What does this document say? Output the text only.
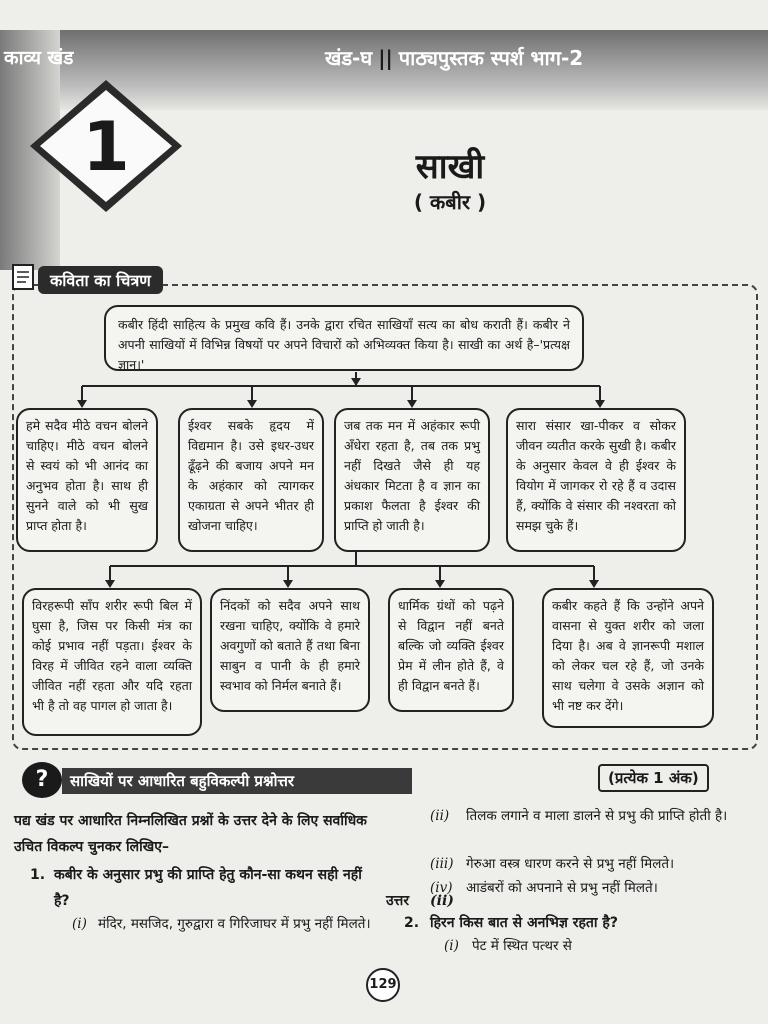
काव्य खंड	खंड-घ || पाठ्यपुस्तक स्पर्श भाग-2
1	साखी
( कबीर )
कविता का चित्रण
कबीर हिंदी साहित्य के प्रमुख कवि हैं। उनके द्वारा रचित साखियाँ सत्य का बोध कराती हैं। कबीर ने अपनी साखियों में विभिन्न विषयों पर अपने विचारों को अभिव्यक्त किया है। साखी का अर्थ है–'प्रत्यक्ष ज्ञान।'
हमे सदैव मीठे वचन बोलने चाहिए। मीठे वचन बोलने से स्वयं को भी आनंद का अनुभव होता है। साथ ही सुनने वाले को भी सुख प्राप्त होता है।
ईश्वर सबके हृदय में विद्यमान है। उसे इधर-उधर ढूँढ़ने की बजाय अपने मन के अहंकार को त्यागकर एकाग्रता से अपने भीतर ही खोजना चाहिए।
जब तक मन में अहंकार रूपी अँधेरा रहता है, तब तक प्रभु नहीं दिखते जैसे ही यह अंधकार मिटता है व ज्ञान का प्रकाश फैलता है ईश्वर की प्राप्ति हो जाती है।
सारा संसार खा-पीकर व सोकर जीवन व्यतीत करके सुखी है। कबीर के अनुसार केवल वे ही ईश्वर के वियोग में जागकर रो रहे हैं व उदास हैं, क्योंकि वे संसार की नश्वरता को समझ चुके हैं।
विरहरूपी साँप शरीर रूपी बिल में घुसा है, जिस पर किसी मंत्र का कोई प्रभाव नहीं पड़ता। ईश्वर के विरह में जीवित रहने वाला व्यक्ति जीवित नहीं रहता और यदि रहता भी है तो वह पागल हो जाता है।
निंदकों को सदैव अपने साथ रखना चाहिए, क्योंकि वे हमारे अवगुणों को बताते हैं तथा बिना साबुन व पानी के ही हमारे स्वभाव को निर्मल बनाते हैं।
धार्मिक ग्रंथों को पढ़ने से विद्वान नहीं बनते बल्कि जो व्यक्ति ईश्वर प्रेम में लीन होते हैं, वे ही विद्वान बनते हैं।
कबीर कहते हैं कि उन्होंने अपने वासना से युक्त शरीर को जला दिया है। अब वे ज्ञानरूपी मशाल को लेकर चल रहे हैं, जो उनके साथ चलेगा वे उसके अज्ञान को भी नष्ट कर देंगे।
?	साखियों पर आधारित बहुविकल्पी प्रश्नोत्तर	(प्रत्येक 1 अंक)
पद्य खंड पर आधारित निम्नलिखित प्रश्नों के उत्तर देने के लिए सर्वाधिक उचित विकल्प चुनकर लिखिए–
1. कबीर के अनुसार प्रभु की प्राप्ति हेतु कौन-सा कथन सही नहीं है?
(i) मंदिर, मसजिद, गुरुद्वारा व गिरिजाघर में प्रभु नहीं मिलते।
(ii)	तिलक लगाने व माला डालने से प्रभु की प्राप्ति होती है।
(iii) गेरुआ वस्त्र धारण करने से प्रभु नहीं मिलते।
(iv)	आडंबरों को अपनाने से प्रभु नहीं मिलते।
उत्तर	(ii)
2. हिरन किस बात से अनभिज्ञ रहता है?
(i) पेट में स्थित पत्थर से
129
